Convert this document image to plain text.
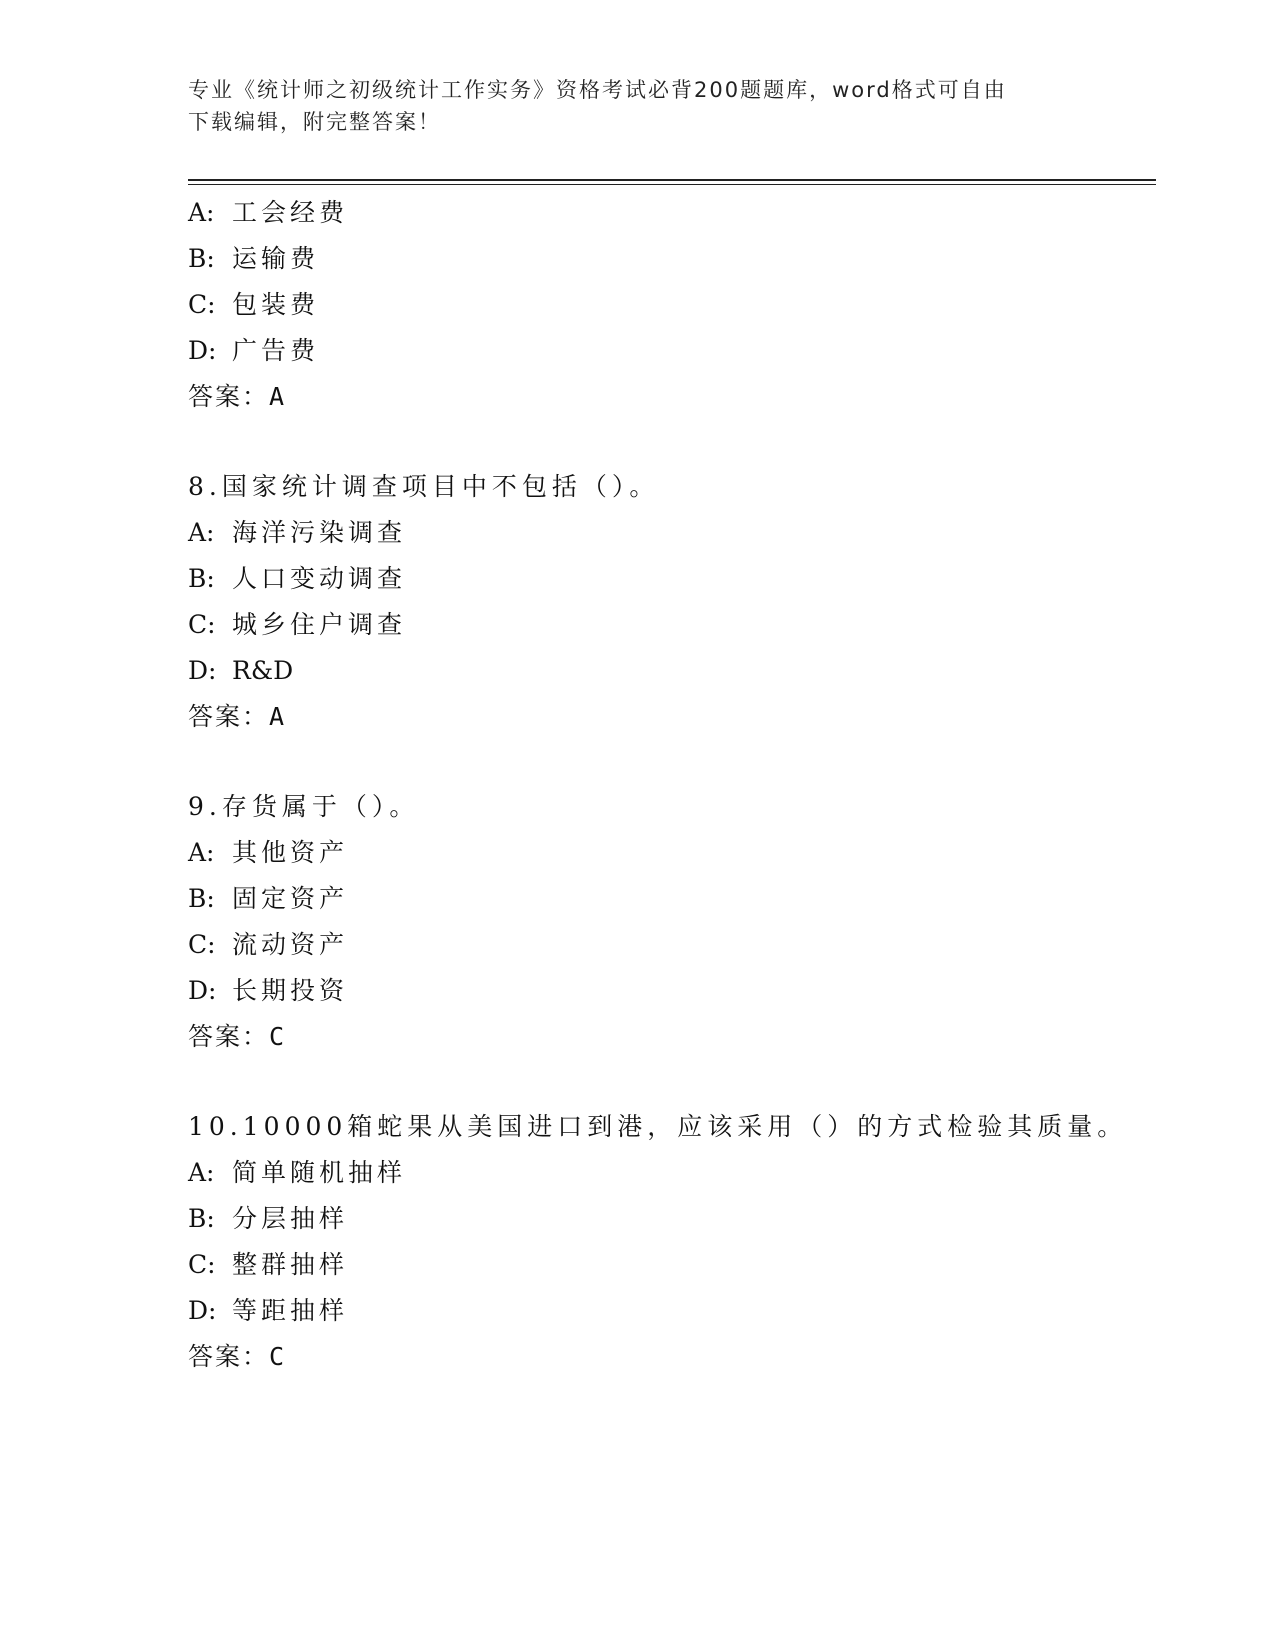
专业《统计师之初级统计工作实务》资格考试必背200题题库，word格式可自由
下载编辑，附完整答案！
A: 工会经费
B: 运输费
C: 包装费
D: 广告费
答案：A
8.国家统计调查项目中不包括（）。
A: 海洋污染调查
B: 人口变动调查
C: 城乡住户调查
D: R&D
答案：A
9.存货属于（）。
A: 其他资产
B: 固定资产
C: 流动资产
D: 长期投资
答案：C
10.10000箱蛇果从美国进口到港，应该采用（）的方式检验其质量。
A: 简单随机抽样
B: 分层抽样
C: 整群抽样
D: 等距抽样
答案：C
